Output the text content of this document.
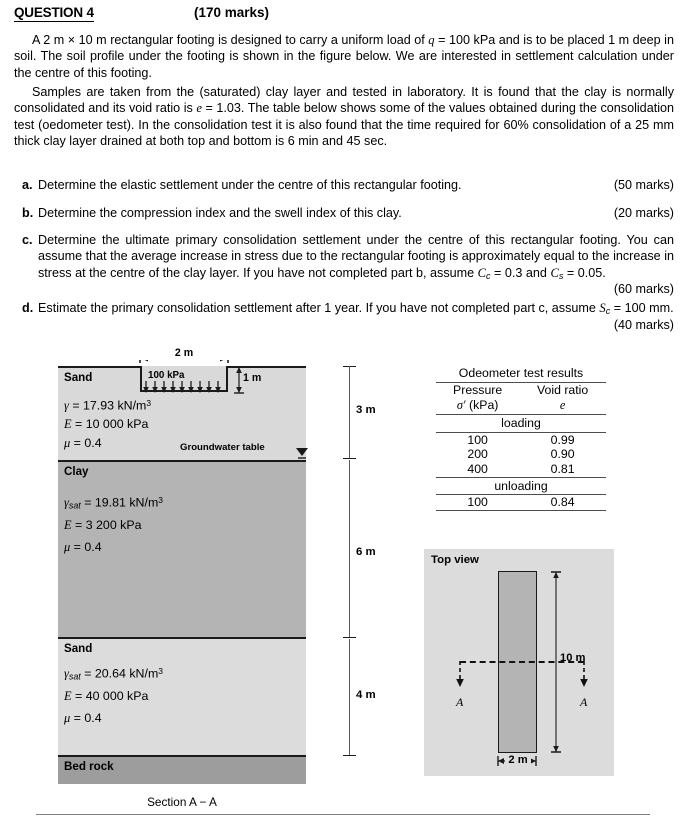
QUESTION 4	(170 marks)
A 2 m × 10 m rectangular footing is designed to carry a uniform load of q = 100 kPa and is to be placed 1 m deep in soil. The soil profile under the footing is shown in the figure below. We are interested in settlement calculation under the centre of this footing.
Samples are taken from the (saturated) clay layer and tested in laboratory. It is found that the clay is normally consolidated and its void ratio is e = 1.03. The table below shows some of the values obtained during the consolidation test (oedometer test). In the consolidation test it is also found that the time required for 60% consolidation of a 25 mm thick clay layer drained at both top and bottom is 6 min and 45 sec.
a. Determine the elastic settlement under the centre of this rectangular footing.	(50 marks)
b. Determine the compression index and the swell index of this clay.	(20 marks)
c. Determine the ultimate primary consolidation settlement under the centre of this rectangular footing. You can assume that the average increase in stress due to the rectangular footing is approximately equal to the increase in stress at the centre of the clay layer. If you have not completed part b, assume Cc = 0.3 and Cs = 0.05.
(60 marks)
d. Estimate the primary consolidation settlement after 1 year. If you have not completed part c, assume Sc = 100 mm.
(40 marks)
2 m
Sand
γ = 17.93 $kN/m^3$
E = 10 000 kPa
μ = 0.4
100 kPa	1 m
Groundwater table
Clay
γsat = 19.81 $kN/m^3$
E = 3 200 kPa
μ = 0.4
Sand
γsat = 20.64 $kN/m^3$
E = 40 000 kPa
μ = 0.4
Bed rock
3 m
6 m
4 m
Section A − A
Odeometer test results
Pressure	Void ratio
σ′ (kPa)	e
loading	
100	0.99
200	0.90
400	0.81
unloading	
100	0.84
Top view
A	A
10 m
2 m
